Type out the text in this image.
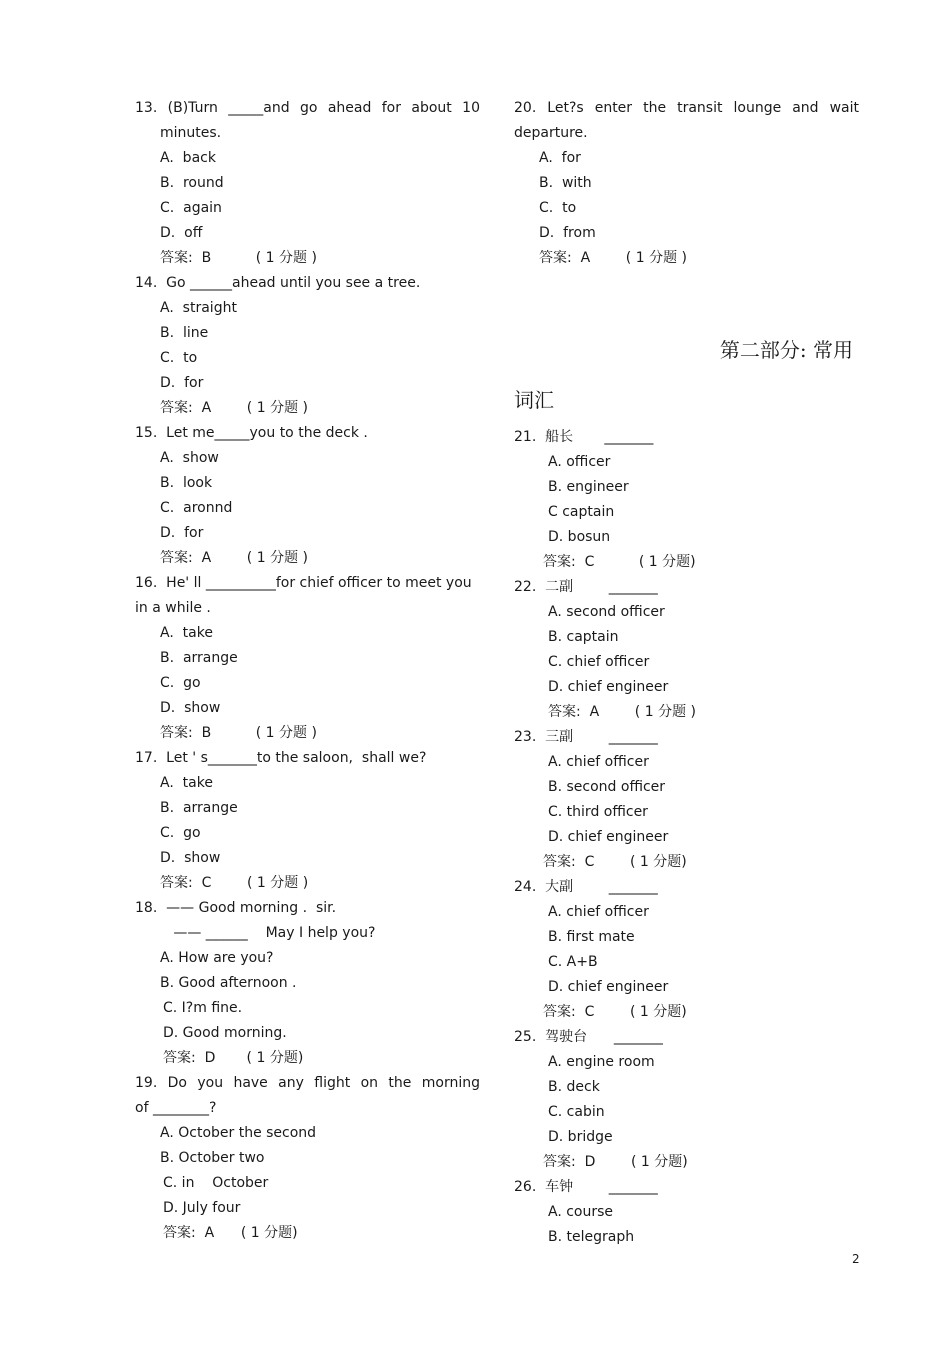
13. (B)Turn _____and go ahead for about 10
minutes.
A.  back
B.  round
C.  again
D.  off
答案:  B          ( 1 分题 )
14.  Go ______ahead until you see a tree.
A.  straight
B.  line
C.  to
D.  for
答案:  A        ( 1 分题 )
15.  Let me_____you to the deck .
A.  show
B.  look
C.  aronnd
D.  for
答案:  A        ( 1 分题 )
16.  He' ll __________for chief officer to meet you
in a while .
A.  take
B.  arrange
C.  go
D.  show
答案:  B          ( 1 分题 )
17.  Let ' s_______to the saloon,  shall we?
A.  take
B.  arrange
C.  go
D.  show
答案:  C        ( 1 分题 )
18.  —— Good morning .  sir.
—— ______    May I help you?
A. How are you?
B. Good afternoon .
C. I?m fine.
D. Good morning.
答案:  D       ( 1 分题)
19. Do you have any flight on the morning
of ________?
A. October the second
B. October two
C. in    October
D. July four
答案:  A      ( 1 分题)
20. Let?s enter the transit lounge and wait
departure.
A.  for
B.  with
C.  to
D.  from
答案:  A        ( 1 分题 )
第二部分: 常用
词汇
21.  船长       _______
A. officer
B. engineer
C captain
D. bosun
答案:  C          ( 1 分题)
22.  二副        _______
A. second officer
B. captain
C. chief officer
D. chief engineer
答案:  A        ( 1 分题 )
23.  三副        _______
A. chief officer
B. second officer
C. third officer
D. chief engineer
答案:  C        ( 1 分题)
24.  大副        _______
A. chief officer
B. first mate
C. A+B
D. chief engineer
答案:  C        ( 1 分题)
25.  驾驶台      _______
A. engine room
B. deck
C. cabin
D. bridge
答案:  D        ( 1 分题)
26.  车钟        _______
A. course
B. telegraph
2
